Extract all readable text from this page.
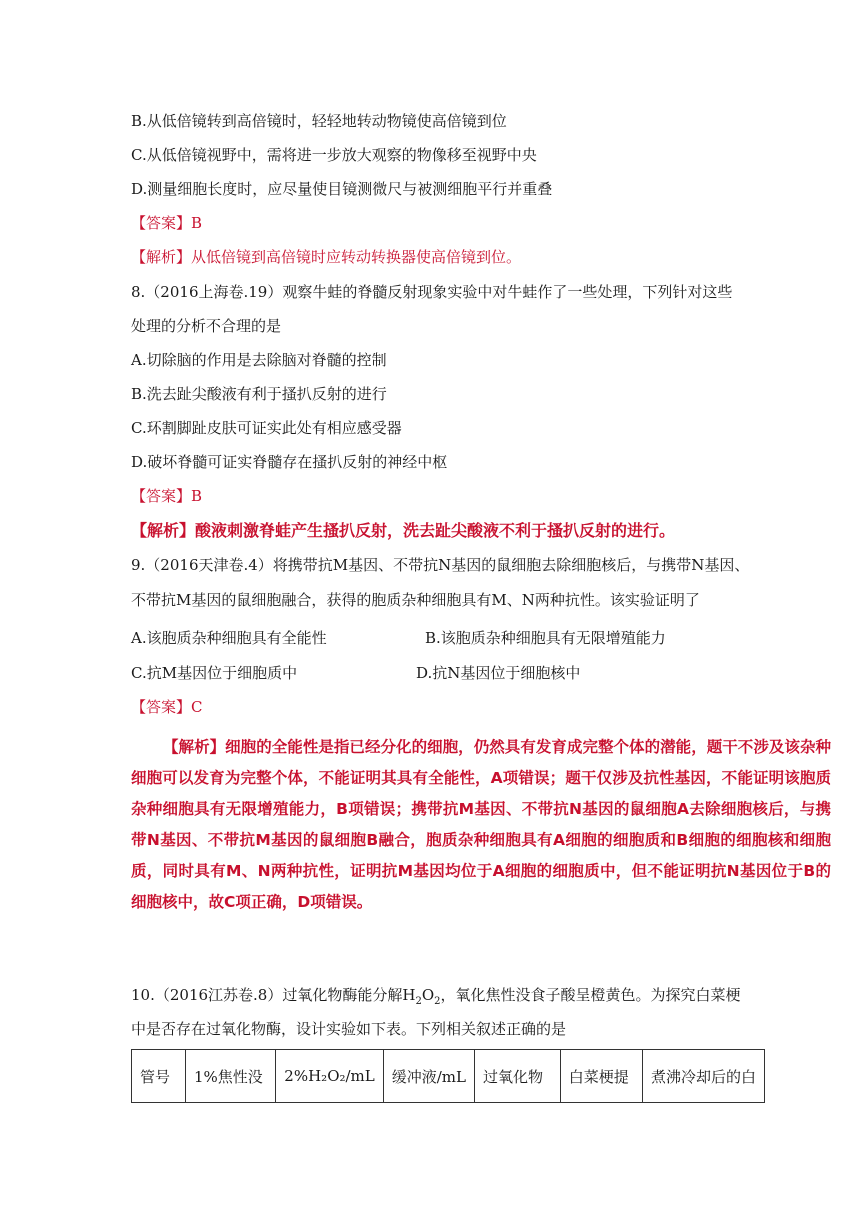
B.从低倍镜转到高倍镜时，轻轻地转动物镜使高倍镜到位
C.从低倍镜视野中，需将进一步放大观察的物像移至视野中央
D.测量细胞长度时，应尽量使目镜测微尺与被测细胞平行并重叠
【答案】B
【解析】从低倍镜到高倍镜时应转动转换器使高倍镜到位。
8.（2016上海卷.19）观察牛蛙的脊髓反射现象实验中对牛蛙作了一些处理，下列针对这些
处理的分析不合理的是
A.切除脑的作用是去除脑对脊髓的控制
B.洗去趾尖酸液有利于搔扒反射的进行
C.环割脚趾皮肤可证实此处有相应感受器
D.破坏脊髓可证实脊髓存在搔扒反射的神经中枢
【答案】B
【解析】酸液刺激脊蛙产生搔扒反射，洗去趾尖酸液不利于搔扒反射的进行。
9.（2016天津卷.4）将携带抗M基因、不带抗N基因的鼠细胞去除细胞核后，与携带N基因、
不带抗M基因的鼠细胞融合，获得的胞质杂种细胞具有M、N两种抗性。该实验证明了
A.该胞质杂种细胞具有全能性	B.该胞质杂种细胞具有无限增殖能力
C.抗M基因位于细胞质中	D.抗N基因位于细胞核中
【答案】C
【解析】细胞的全能性是指已经分化的细胞，仍然具有发育成完整个体的潜能，题干不涉及该杂种细胞可以发育为完整个体，不能证明其具有全能性，A项错误；题干仅涉及抗性基因，不能证明该胞质杂种细胞具有无限增殖能力，B项错误；携带抗M基因、不带抗N基因的鼠细胞A去除细胞核后，与携带N基因、不带抗M基因的鼠细胞B融合，胞质杂种细胞具有A细胞的细胞质和B细胞的细胞核和细胞质，同时具有M、N两种抗性，证明抗M基因均位于A细胞的细胞质中，但不能证明抗N基因位于B的细胞核中，故C项正确，D项错误。
10.（2016江苏卷.8）过氧化物酶能分解$H_2O_2$，氧化焦性没食子酸呈橙黄色。为探究白菜梗
中是否存在过氧化物酶，设计实验如下表。下列相关叙述正确的是
管号	1%焦性没	2%H₂O₂/mL	缓冲液/mL	过氧化物	白菜梗提	煮沸冷却后的白
